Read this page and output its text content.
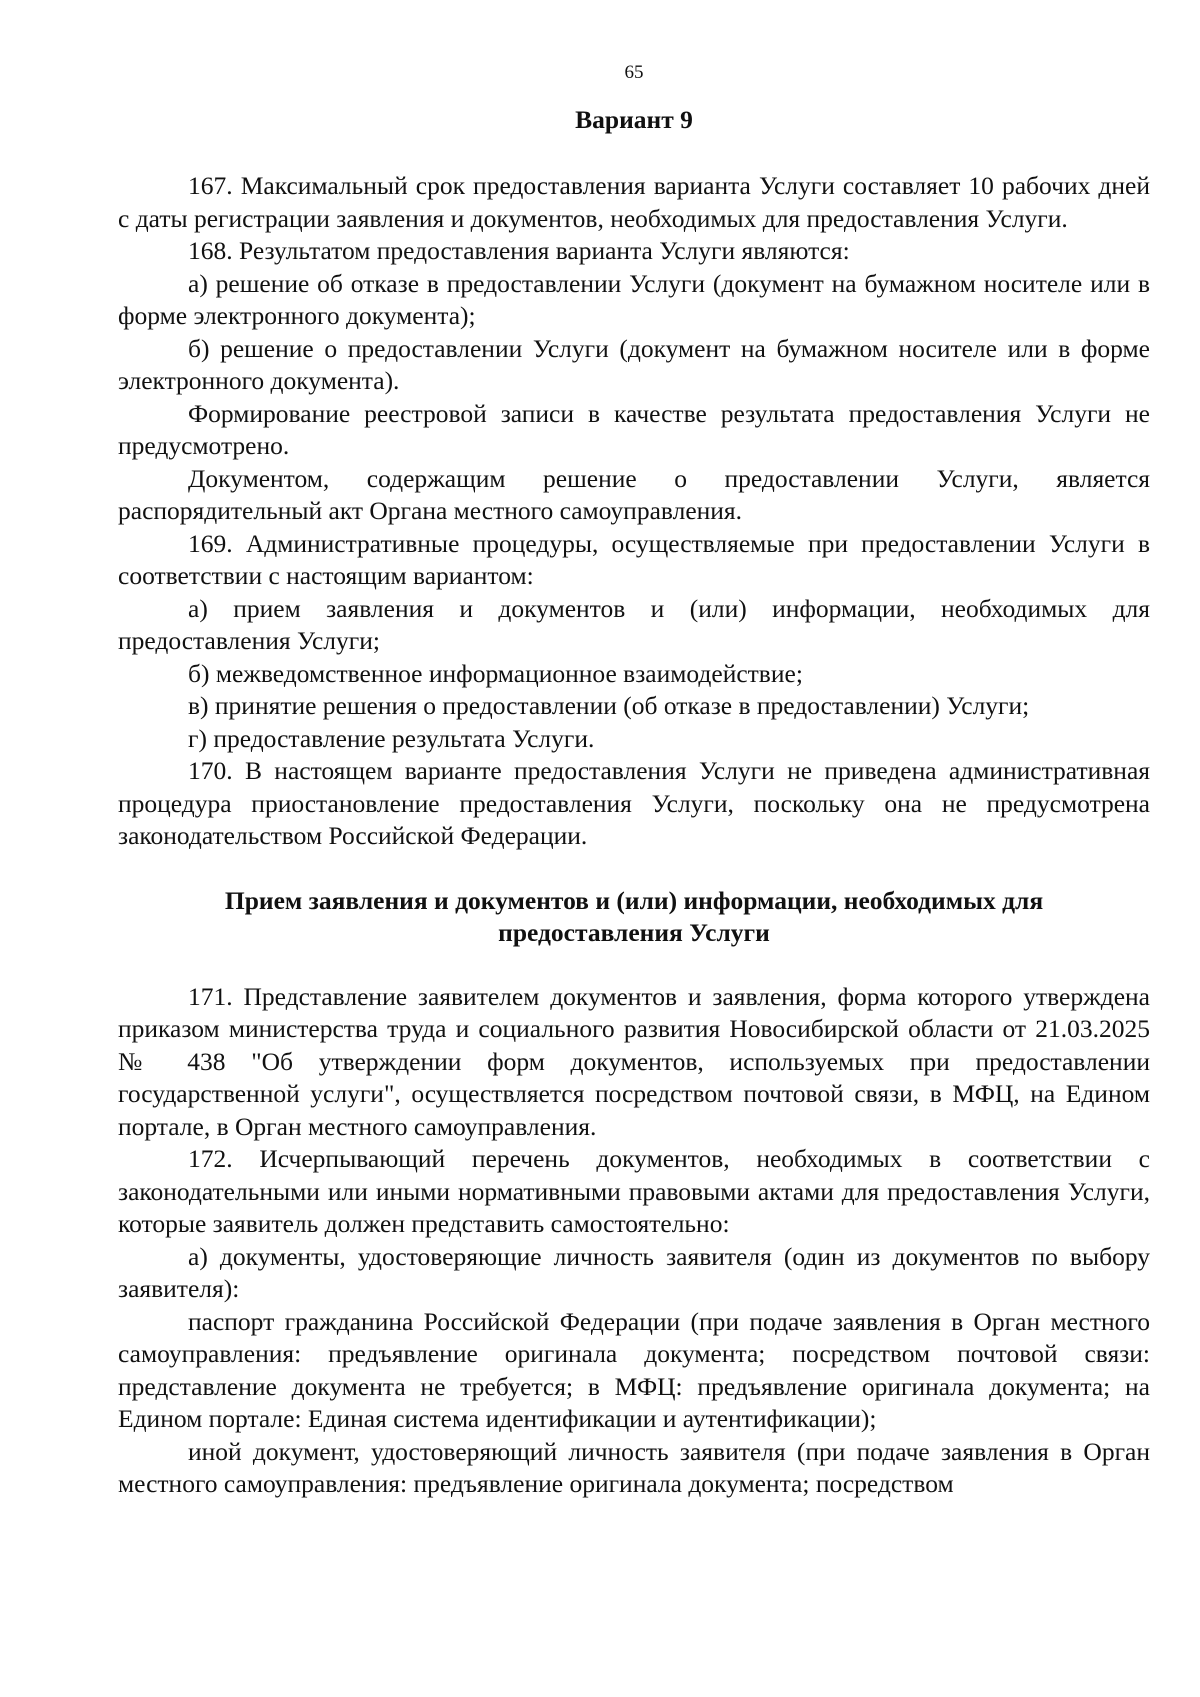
65
Вариант 9

167. Максимальный срок предоставления варианта Услуги составляет 10 рабочих дней с даты регистрации заявления и документов, необходимых для предоставления Услуги.

168. Результатом предоставления варианта Услуги являются:

а) решение об отказе в предоставлении Услуги (документ на бумажном носителе или в форме электронного документа);

б) решение о предоставлении Услуги (документ на бумажном носителе или в форме электронного документа).

Формирование реестровой записи в качестве результата предоставления Услуги не предусмотрено.

Документом, содержащим решение о предоставлении Услуги, является распорядительный акт Органа местного самоуправления.

169. Административные процедуры, осуществляемые при предоставлении Услуги в соответствии с настоящим вариантом:

а) прием заявления и документов и (или) информации, необходимых для предоставления Услуги;

б) межведомственное информационное взаимодействие;

в) принятие решения о предоставлении (об отказе в предоставлении) Услуги;

г) предоставление результата Услуги.

170. В настоящем варианте предоставления Услуги не приведена административная процедура приостановление предоставления Услуги, поскольку она не предусмотрена законодательством Российской Федерации.

Прием заявления и документов и (или) информации, необходимых для
предоставления Услуги

171. Представление заявителем документов и заявления, форма которого утверждена приказом министерства труда и социального развития Новосибирской области от 21.03.2025 № 438 "Об утверждении форм документов, используемых при предоставлении государственной услуги", осуществляется посредством почтовой связи, в МФЦ, на Едином портале, в Орган местного самоуправления.

172. Исчерпывающий перечень документов, необходимых в соответствии с законодательными или иными нормативными правовыми актами для предоставления Услуги, которые заявитель должен представить самостоятельно:

а) документы, удостоверяющие личность заявителя (один из документов по выбору заявителя):

паспорт гражданина Российской Федерации (при подаче заявления в Орган местного самоуправления: предъявление оригинала документа; посредством почтовой связи: представление документа не требуется; в МФЦ: предъявление оригинала документа; на Едином портале: Единая система идентификации и аутентификации);

иной документ, удостоверяющий личность заявителя (при подаче заявления в Орган местного самоуправления: предъявление оригинала документа; посредством
